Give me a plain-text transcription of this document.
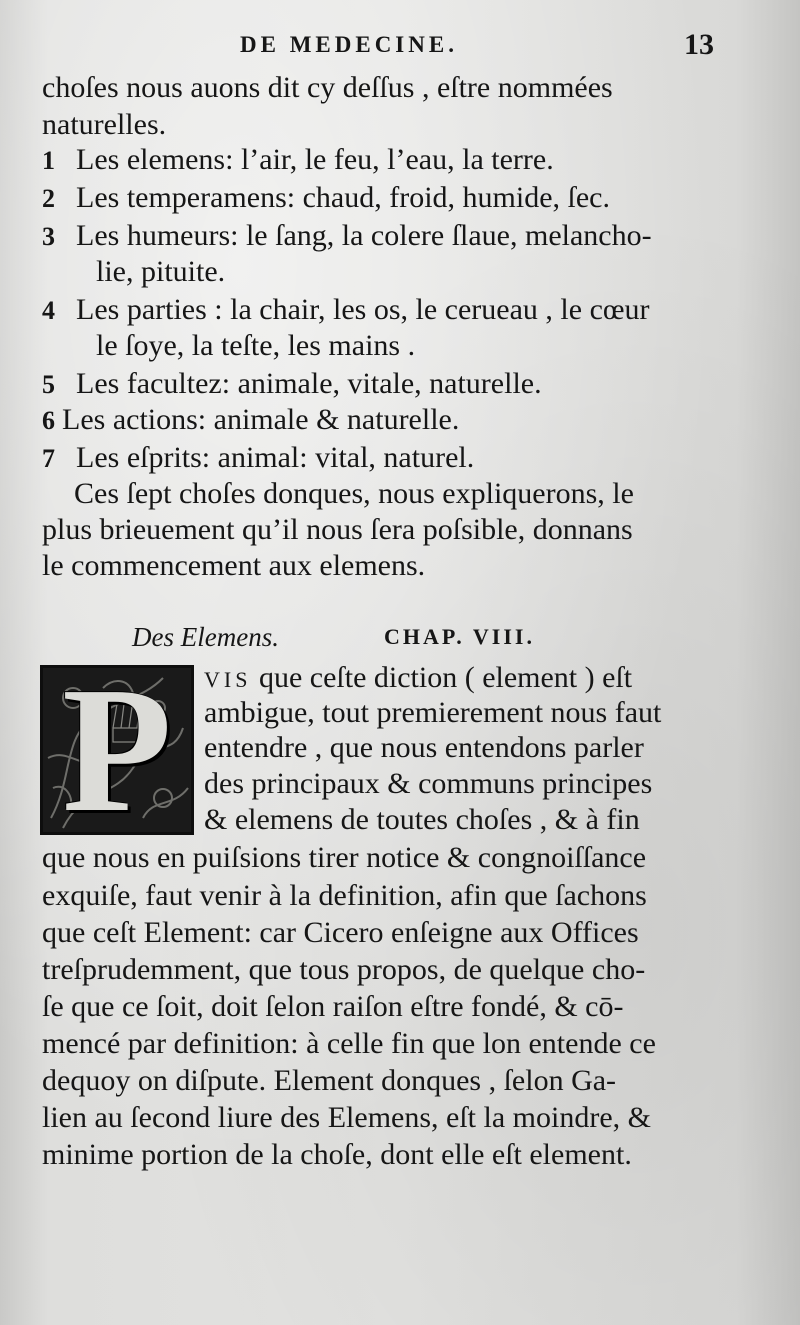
DE MEDECINE.	13
choſes nous auons dit cy deſſus , eſtre nommées
naturelles.
1 Les elemens: l’air, le feu, l’eau, la terre.
2 Les temperamens: chaud, froid, humide, ſec.
3 Les humeurs: le ſang, la colere ſlaue, melancho-
lie, pituite.
4 Les parties : la chair, les os, le cerueau , le cœur
le ſoye, la teſte, les mains .
5 Les facultez: animale, vitale, naturelle.
6 Les actions: animale & naturelle.
7 Les eſprits: animal: vital, naturel.
Ces ſept choſes donques, nous expliquerons, le
plus brieuement qu’il nous ſera poſsible, donnans
le commencement aux elemens.
Des Elemens.	CHAP. VIII.
P	VIS que ceſte diction ( element ) eſt
ambigue, tout premierement nous faut
entendre , que nous entendons parler
des principaux & communs principes
& elemens de toutes choſes , & à fin
que nous en puiſsions tirer notice & congnoiſſance
exquiſe, faut venir à la definition, afin que ſachons
que ceſt Element: car Cicero enſeigne aux Offices
treſprudemment, que tous propos, de quelque cho-
ſe que ce ſoit, doit ſelon raiſon eſtre fondé, & cō-
mencé par definition: à celle fin que lon entende ce
dequoy on diſpute. Element donques , ſelon Ga-
lien au ſecond liure des Elemens, eſt la moindre, &
minime portion de la choſe, dont elle eſt element.
